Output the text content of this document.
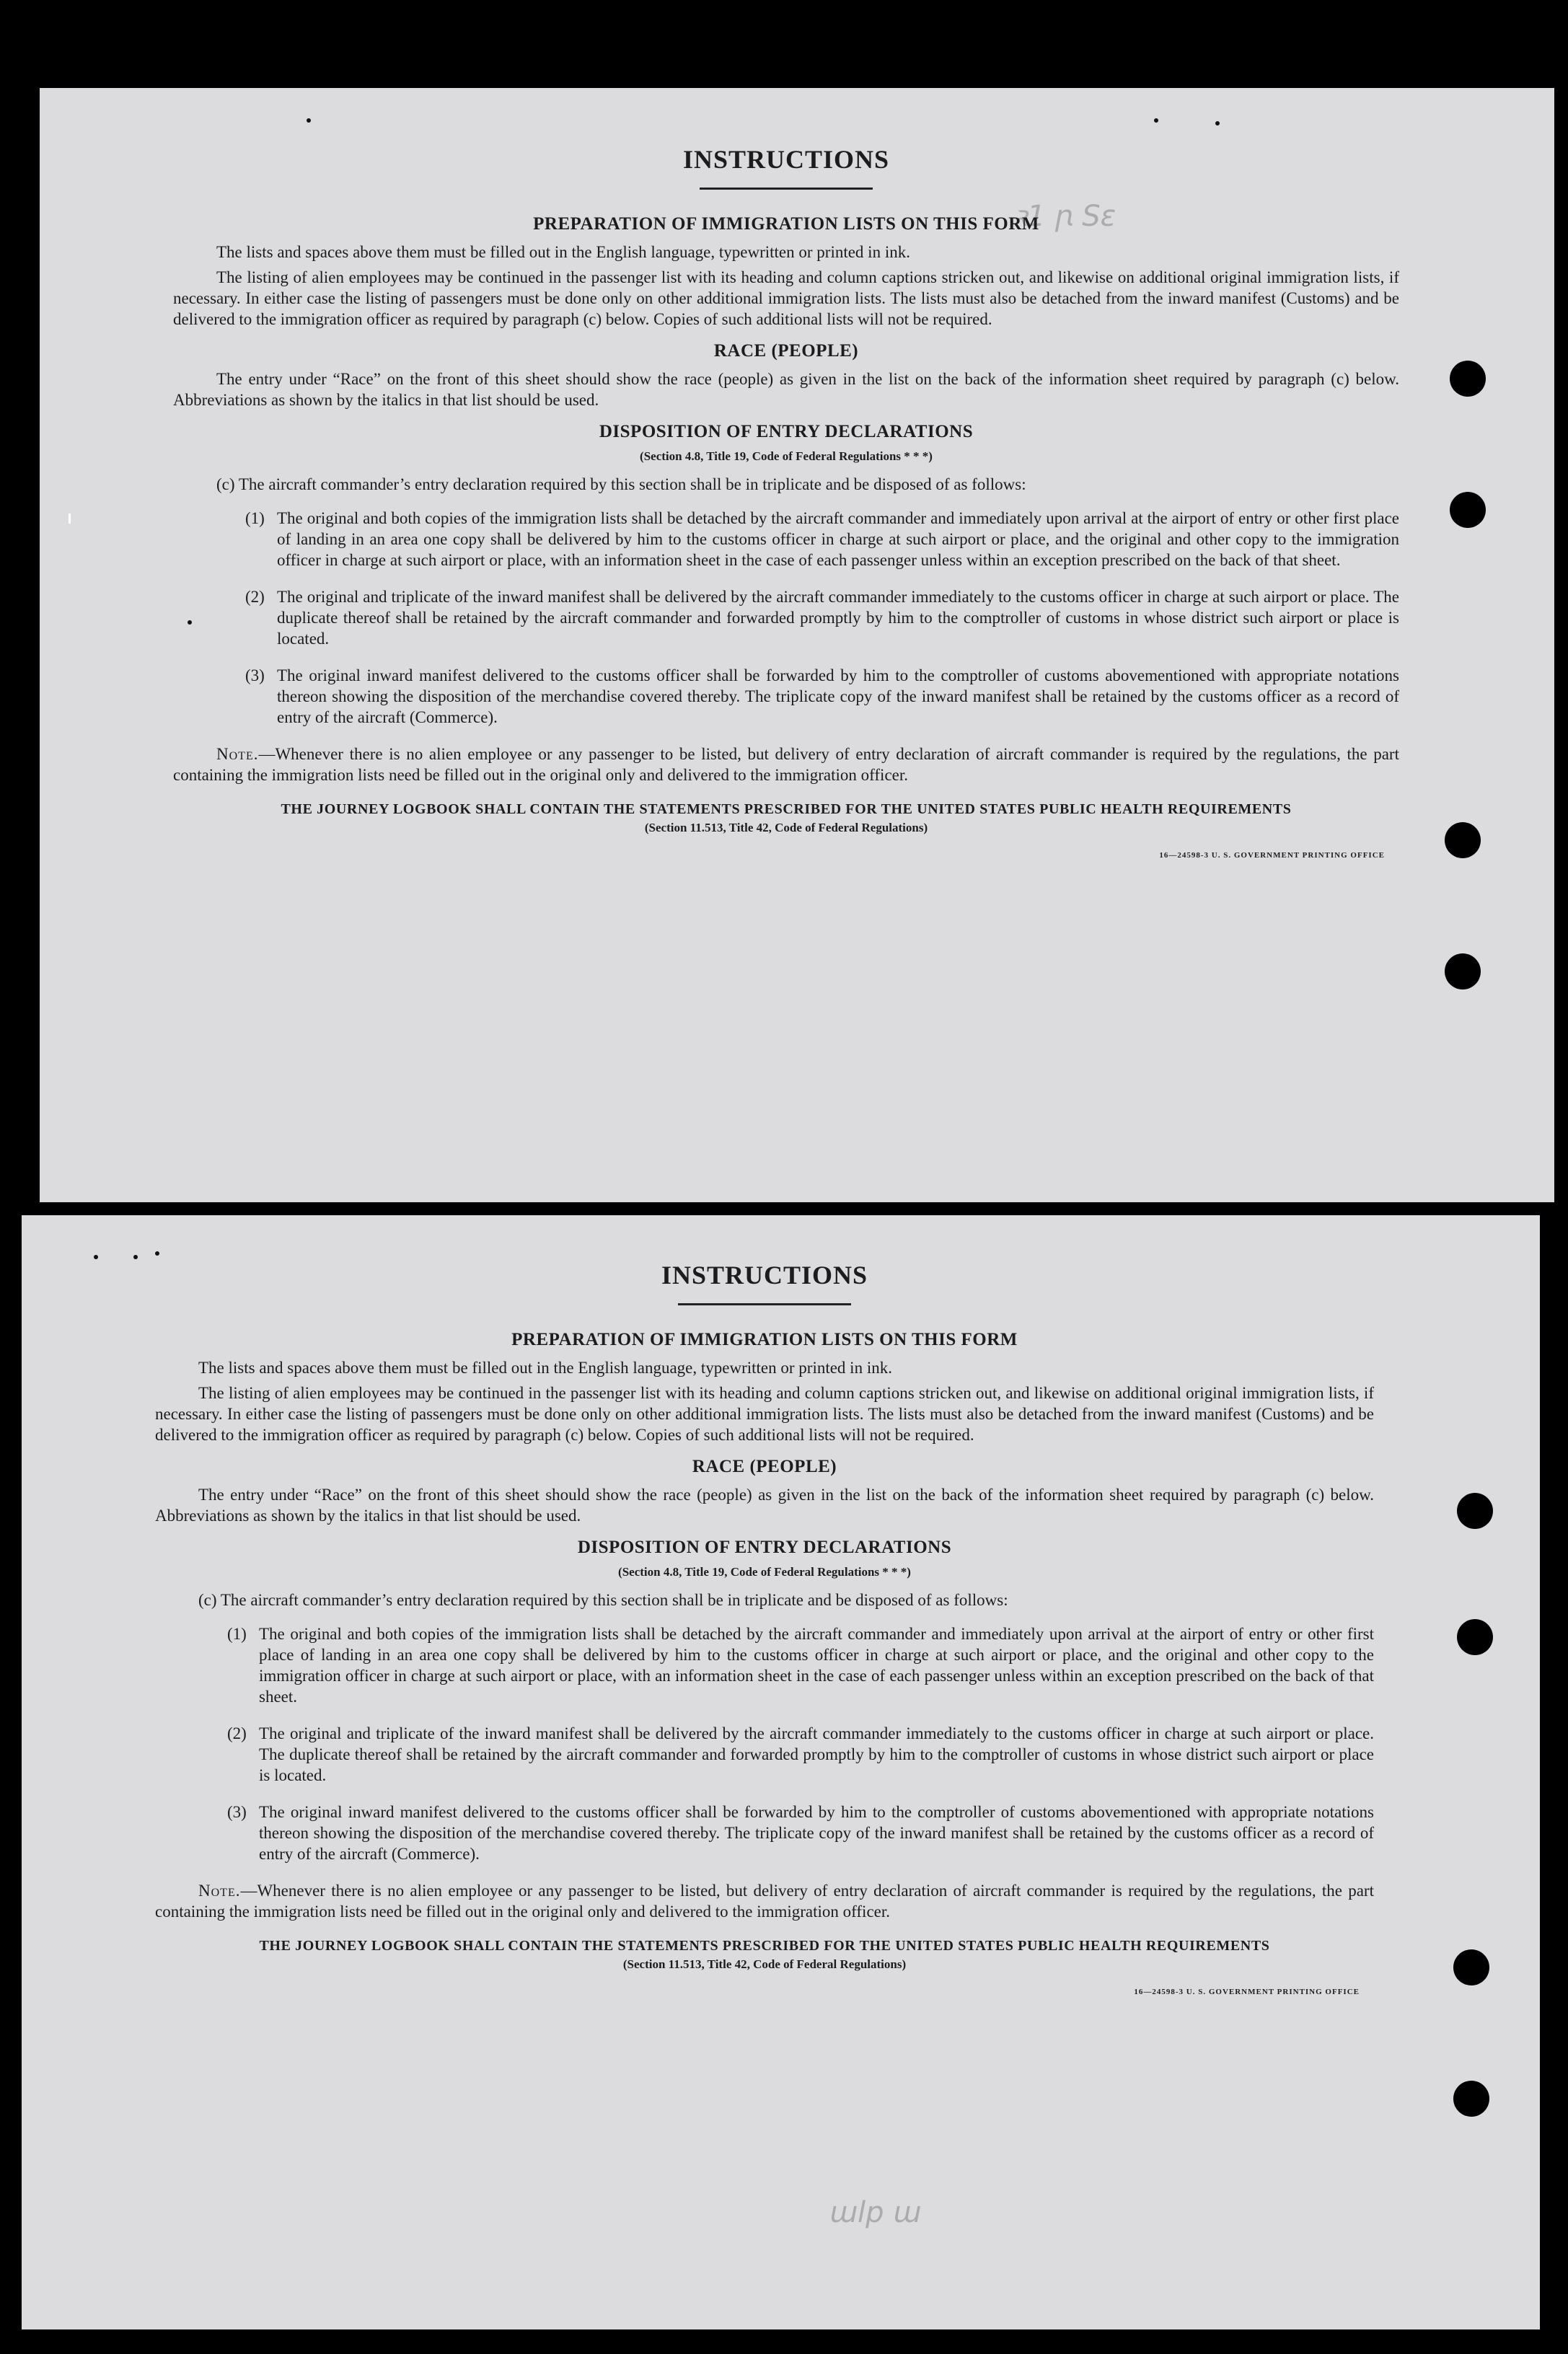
ꝛ1 ꞃ Sɛ
INSTRUCTIONS
PREPARATION OF IMMIGRATION LISTS ON THIS FORM

The lists and spaces above them must be filled out in the English language, typewritten or printed in ink.

The listing of alien employees may be continued in the passenger list with its heading and column captions stricken out, and likewise on additional original immigration lists, if necessary. In either case the listing of passengers must be done only on other additional immigration lists. The lists must also be detached from the inward manifest (Customs) and be delivered to the immigration officer as required by paragraph (c) below. Copies of such additional lists will not be required.

RACE (PEOPLE)

The entry under “Race” on the front of this sheet should show the race (people) as given in the list on the back of the information sheet required by paragraph (c) below. Abbreviations as shown by the italics in that list should be used.

DISPOSITION OF ENTRY DECLARATIONS
(Section 4.8, Title 19, Code of Federal Regulations * * *)

(c) The aircraft commander’s entry declaration required by this section shall be in triplicate and be disposed of as follows:

(1) The original and both copies of the immigration lists shall be detached by the aircraft commander and immediately upon arrival at the airport of entry or other first place of landing in an area one copy shall be delivered by him to the customs officer in charge at such airport or place, and the original and other copy to the immigration officer in charge at such airport or place, with an information sheet in the case of each passenger unless within an exception prescribed on the back of that sheet.
(2) The original and triplicate of the inward manifest shall be delivered by the aircraft commander immediately to the customs officer in charge at such airport or place. The duplicate thereof shall be retained by the aircraft commander and forwarded promptly by him to the comptroller of customs in whose district such airport or place is located.
(3) The original inward manifest delivered to the customs officer shall be forwarded by him to the comptroller of customs abovementioned with appropriate notations thereon showing the disposition of the merchandise covered thereby. The triplicate copy of the inward manifest shall be retained by the customs officer as a record of entry of the aircraft (Commerce).

Note.—Whenever there is no alien employee or any passenger to be listed, but delivery of entry declaration of aircraft commander is required by the regulations, the part containing the immigration lists need be filled out in the original only and delivered to the immigration officer.

THE JOURNEY LOGBOOK SHALL CONTAIN THE STATEMENTS PRESCRIBED FOR THE UNITED STATES PUBLIC HEALTH REQUIREMENTS
(Section 11.513, Title 42, Code of Federal Regulations)
16—24598-3 U. S. GOVERNMENT PRINTING OFFICE
ɯlp ɯ
INSTRUCTIONS
PREPARATION OF IMMIGRATION LISTS ON THIS FORM

The lists and spaces above them must be filled out in the English language, typewritten or printed in ink.

The listing of alien employees may be continued in the passenger list with its heading and column captions stricken out, and likewise on additional original immigration lists, if necessary. In either case the listing of passengers must be done only on other additional immigration lists. The lists must also be detached from the inward manifest (Customs) and be delivered to the immigration officer as required by paragraph (c) below. Copies of such additional lists will not be required.

RACE (PEOPLE)

The entry under “Race” on the front of this sheet should show the race (people) as given in the list on the back of the information sheet required by paragraph (c) below. Abbreviations as shown by the italics in that list should be used.

DISPOSITION OF ENTRY DECLARATIONS
(Section 4.8, Title 19, Code of Federal Regulations * * *)

(c) The aircraft commander’s entry declaration required by this section shall be in triplicate and be disposed of as follows:

(1) The original and both copies of the immigration lists shall be detached by the aircraft commander and immediately upon arrival at the airport of entry or other first place of landing in an area one copy shall be delivered by him to the customs officer in charge at such airport or place, and the original and other copy to the immigration officer in charge at such airport or place, with an information sheet in the case of each passenger unless within an exception prescribed on the back of that sheet.
(2) The original and triplicate of the inward manifest shall be delivered by the aircraft commander immediately to the customs officer in charge at such airport or place. The duplicate thereof shall be retained by the aircraft commander and forwarded promptly by him to the comptroller of customs in whose district such airport or place is located.
(3) The original inward manifest delivered to the customs officer shall be forwarded by him to the comptroller of customs abovementioned with appropriate notations thereon showing the disposition of the merchandise covered thereby. The triplicate copy of the inward manifest shall be retained by the customs officer as a record of entry of the aircraft (Commerce).

Note.—Whenever there is no alien employee or any passenger to be listed, but delivery of entry declaration of aircraft commander is required by the regulations, the part containing the immigration lists need be filled out in the original only and delivered to the immigration officer.

THE JOURNEY LOGBOOK SHALL CONTAIN THE STATEMENTS PRESCRIBED FOR THE UNITED STATES PUBLIC HEALTH REQUIREMENTS
(Section 11.513, Title 42, Code of Federal Regulations)
16—24598-3 U. S. GOVERNMENT PRINTING OFFICE
